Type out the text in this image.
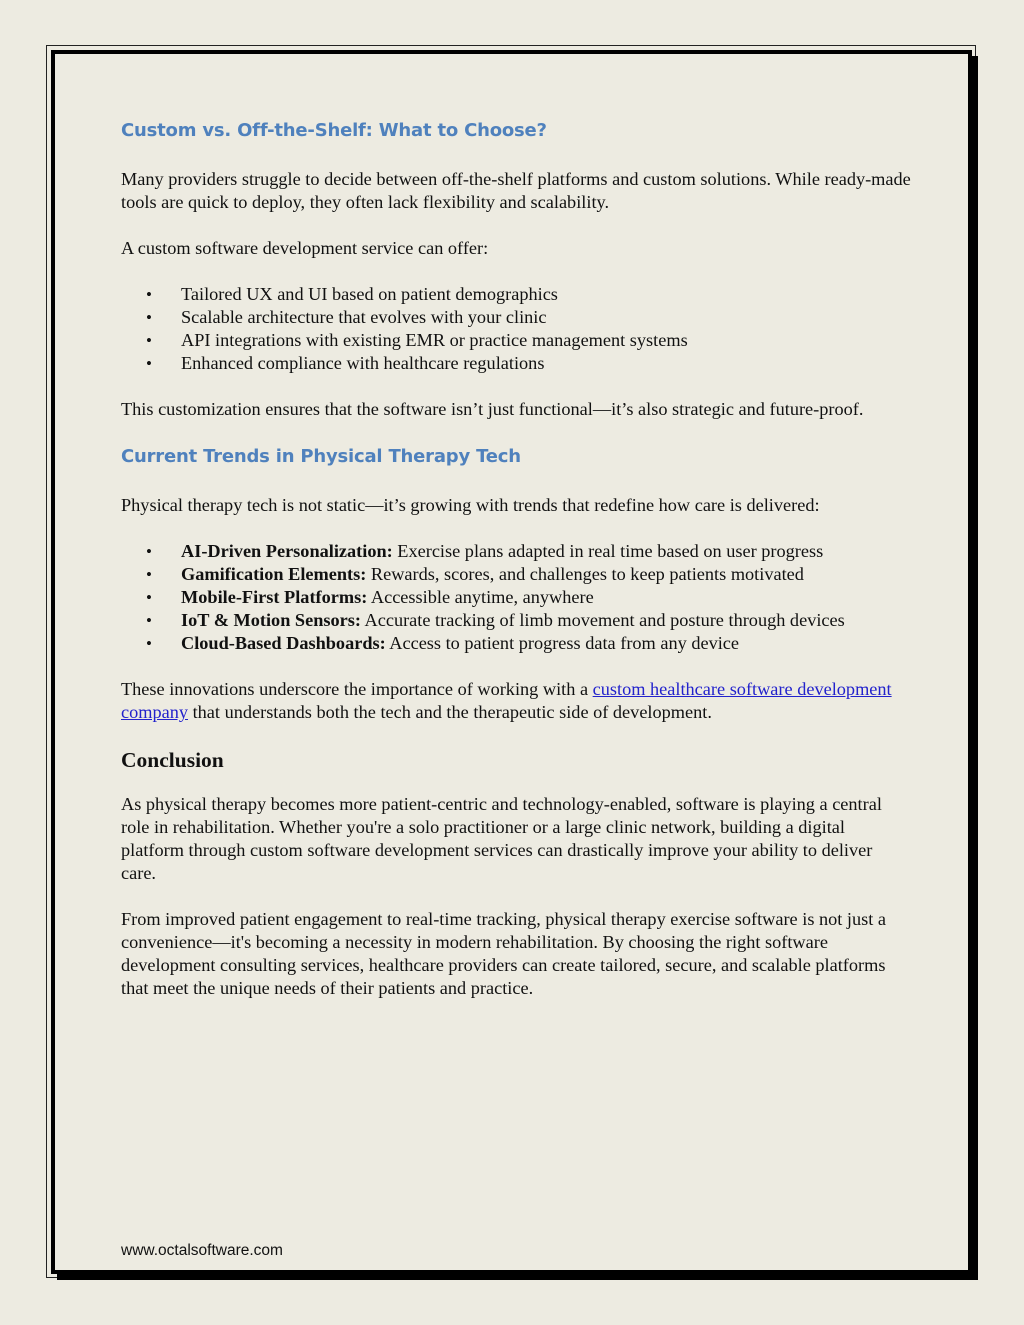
Custom vs. Off-the-Shelf: What to Choose?

Many providers struggle to decide between off-the-shelf platforms and custom solutions. While ready-made tools are quick to deploy, they often lack flexibility and scalability.

A custom software development service can offer:

• Tailored UX and UI based on patient demographics
• Scalable architecture that evolves with your clinic
• API integrations with existing EMR or practice management systems
• Enhanced compliance with healthcare regulations

This customization ensures that the software isn’t just functional—it’s also strategic and future-proof.

Current Trends in Physical Therapy Tech

Physical therapy tech is not static—it’s growing with trends that redefine how care is delivered:

• AI-Driven Personalization: Exercise plans adapted in real time based on user progress
• Gamification Elements: Rewards, scores, and challenges to keep patients motivated
• Mobile-First Platforms: Accessible anytime, anywhere
• IoT & Motion Sensors: Accurate tracking of limb movement and posture through devices
• Cloud-Based Dashboards: Access to patient progress data from any device

These innovations underscore the importance of working with a custom healthcare software development company that understands both the tech and the therapeutic side of development.

Conclusion

As physical therapy becomes more patient-centric and technology-enabled, software is playing a central role in rehabilitation. Whether you're a solo practitioner or a large clinic network, building a digital platform through custom software development services can drastically improve your ability to deliver care.

From improved patient engagement to real-time tracking, physical therapy exercise software is not just a convenience—it's becoming a necessity in modern rehabilitation. By choosing the right software development consulting services, healthcare providers can create tailored, secure, and scalable platforms that meet the unique needs of their patients and practice.

www.octalsoftware.com
